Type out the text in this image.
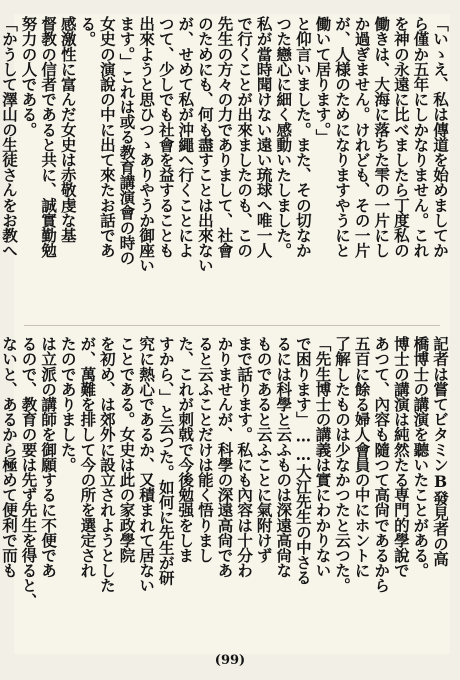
「いゝえ、私は傳道を始めましてか
ら僅か五年にしかなりません。これ
を神の永遠に比べましたら丁度私の
働きは、大海に落ちた雫の一片にし
か過ぎません。けれども、その一片
が、人様のためになりますやうにと
働いて居ります。」
と仰言いました。また、その切なか
つた戀心に細く感動いたしました。
私が當時聞けない遠い琉球へ唯一人
で行くことが出來ましたのも、この
先生の方々の力でありまして、社會
のためにも、何も盡すことは出來ない
が、せめて私が沖繩へ行くことによ
つて、少しでも社會を益することも
出來ようと思ひつゝありやうか御座い
ます。」これは或る教育講演會の時の
女史の演說の中に出て來たお話であ
る。
感激性に富んだ女史は赤敬虔な基
督教の信者であると共に、誠實勤勉
努力の人である。
「かうして澤山の生徒さんをお教へ
記者は嘗てビタミンB發見者の高
橋博士の講演を聽いたことがある。
博士の講演は純然たる専門的學說で
あつて、內容も隨つて高尙であるから
五百に餘る婦人會員の中にホントに
了解したものは少なかつたと云つた。
「先生博士の講義は實にわかりない
で困ります」……大江先生の中さる
るには科學と云ふものは深遠高尙な
ものであると云ふことに氣附けず
まで話ります。私にも內容は十分わ
かりませんが、科學の深遠高尙であ
ると云ふことだけは能く悟りまし
た、これが刺戟で今後勉强をしま
すから、」と云つた。如何に先生が研
究に熱心であるか、又積まれて居ない
ことである。女史は此の家政學院
を初め、は郊外に設立されようとした
が、萬難を排して今の所を選定され
たのでありました。
は立派の講師を御願するに不便であ
るので、教育の要は先ず先生を得ると、
ないと、あるから極めて便利で而も
(99)
